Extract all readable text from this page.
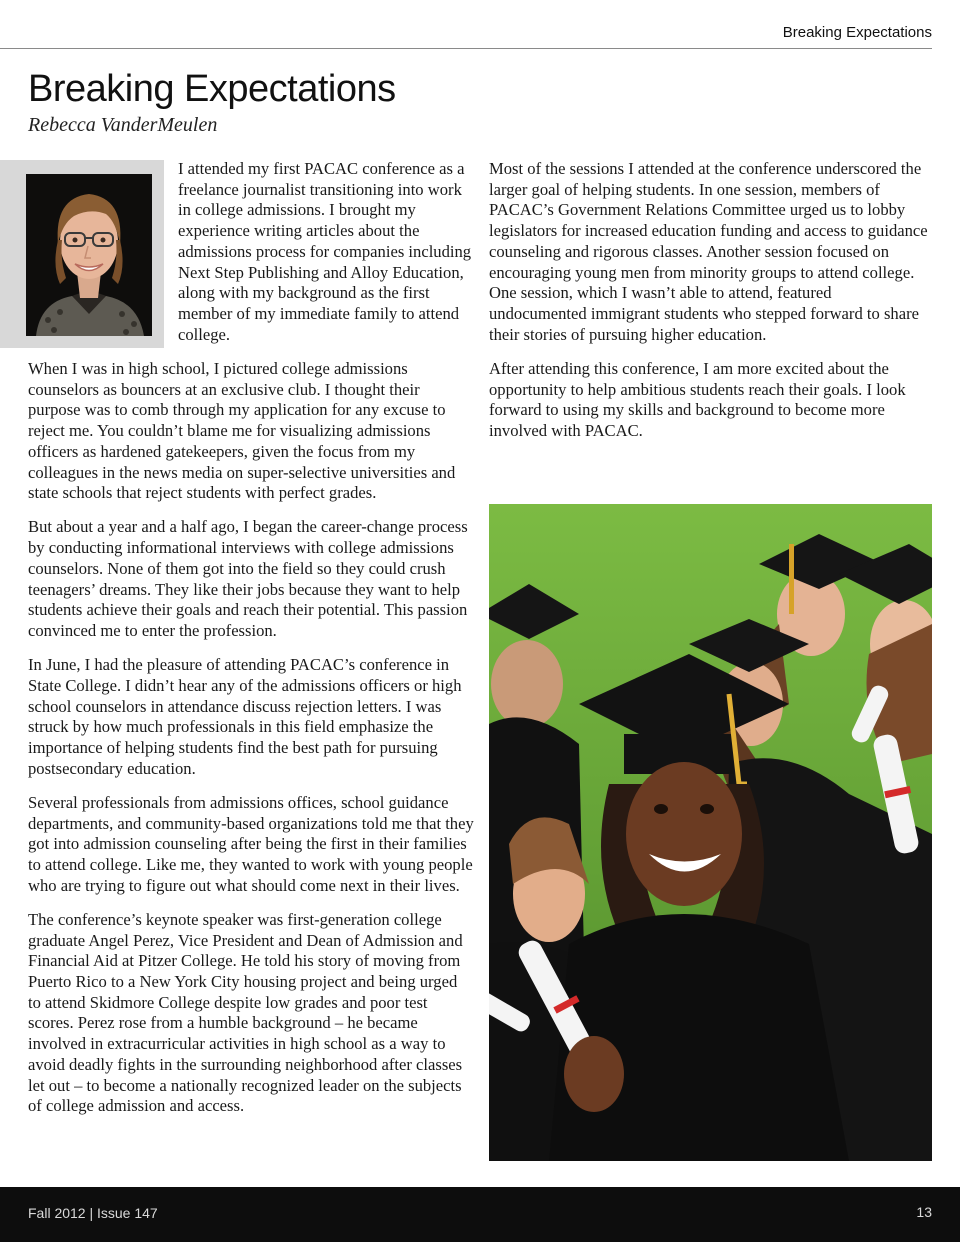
Breaking Expectations
Breaking Expectations
Rebecca VanderMeulen

I attended my first PACAC conference as a freelance journalist transitioning into work in college admissions. I brought my experience writing articles about the admissions process for companies including Next Step Publishing and Alloy Education, along with my background as the first member of my immediate family to attend college.

When I was in high school, I pictured college admissions counselors as bouncers at an exclusive club. I thought their purpose was to comb through my application for any excuse to reject me. You couldn’t blame me for visualizing admissions officers as hardened gatekeepers, given the focus from my colleagues in the news media on super-selective universities and state schools that reject students with perfect grades.

But about a year and a half ago, I began the career-change process by conducting informational interviews with college admissions counselors. None of them got into the field so they could crush teenagers’ dreams. They like their jobs because they want to help students achieve their goals and reach their potential. This passion convinced me to enter the profession.

In June, I had the pleasure of attending PACAC’s conference in State College. I didn’t hear any of the admissions officers or high school counselors in attendance discuss rejection letters. I was struck by how much professionals in this field emphasize the importance of helping students find the best path for pursuing postsecondary education.

Several professionals from admissions offices, school guidance departments, and community-based organizations told me that they got into admission counseling after being the first in their families to attend college. Like me, they wanted to work with young people who are trying to figure out what should come next in their lives.

The conference’s keynote speaker was first-generation college graduate Angel Perez, Vice President and Dean of Admission and Financial Aid at Pitzer College. He told his story of moving from Puerto Rico to a New York City housing project and being urged to attend Skidmore College despite low grades and poor test scores. Perez rose from a humble background – he became involved in extracurricular activities in high school as a way to avoid deadly fights in the surrounding neighborhood after classes let out – to become a nationally recognized leader on the subjects of college admission and access.

Most of the sessions I attended at the conference underscored the larger goal of helping students. In one session, members of PACAC’s Government Relations Committee urged us to lobby legislators for increased education funding and access to guidance counseling and rigorous classes. Another session focused on encouraging young men from minority groups to attend college. One session, which I wasn’t able to attend, featured undocumented immigrant students who stepped forward to share their stories of pursuing higher education.

After attending this conference, I am more excited about the opportunity to help ambitious students reach their goals. I look forward to using my skills and background to become more involved with PACAC.

Fall 2012 | Issue 147	13
